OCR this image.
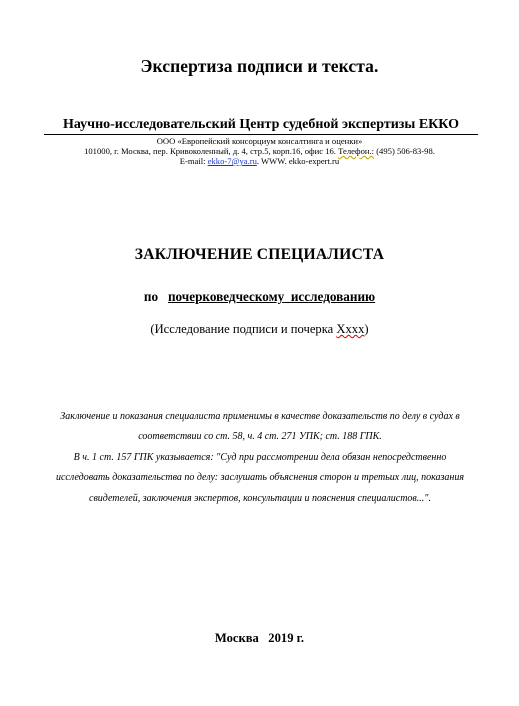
Экспертиза подписи и текста.
Научно-исследовательский Центр судебной экспертизы ЕККО
ООО «Европейский консорциум консалтинга и оценки»
101000, г. Москва, пер. Кривоколенный, д. 4, стр.5, корп.16, офис 16. Телефон.: (495) 506-83-98.
E-mail: ekko-7@ya.ru. WWW. ekko-expert.ru
ЗАКЛЮЧЕНИЕ СПЕЦИАЛИСТА
по   почерковедческому исследованию
(Исследование подписи и почерка Хххх)

Заключение и показания специалиста применимы в качестве доказательств по делу в судах в соответствии со ст. 58, ч. 4 ст. 271 УПК; ст. 188 ГПК.

В ч. 1 ст. 157 ГПК указывается: "Суд при рассмотрении дела обязан непосредственно исследовать доказательства по делу: заслушать объяснения сторон и третьих лиц, показания свидетелей, заключения экспертов, консультации и пояснения специалистов...".

Москва   2019 г.
